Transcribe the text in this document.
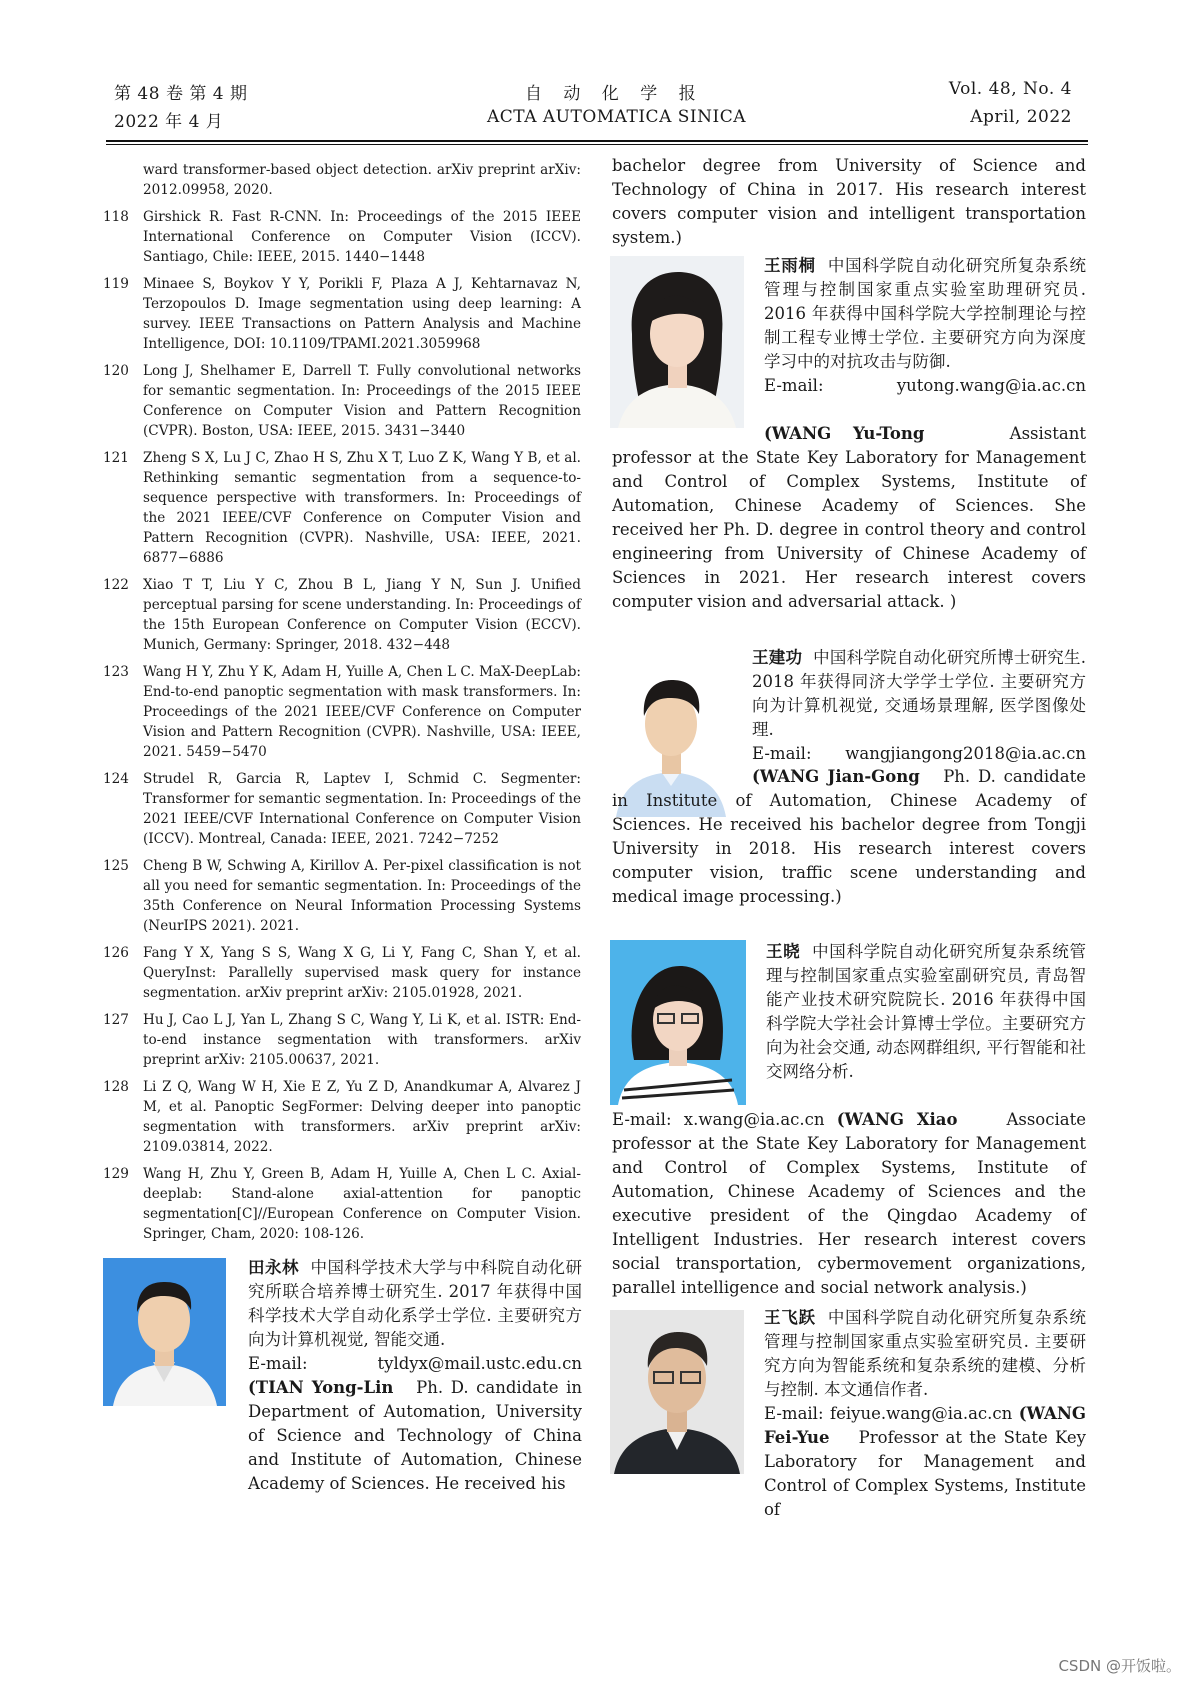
第 48 卷 第 4 期
2022 年 4 月
自 动 化 学 报
ACTA AUTOMATICA SINICA
Vol. 48, No. 4
April, 2022
ward transformer-based object detection. arXiv preprint arXiv: 2012.09958, 2020.
118	Girshick R. Fast R-CNN. In: Proceedings of the 2015 IEEE International Conference on Computer Vision (ICCV). Santiago, Chile: IEEE, 2015. 1440−1448
119	Minaee S, Boykov Y Y, Porikli F, Plaza A J, Kehtarnavaz N, Terzopoulos D. Image segmentation using deep learning: A survey. IEEE Transactions on Pattern Analysis and Machine Intelligence, DOI: 10.1109/TPAMI.2021.3059968
120	Long J, Shelhamer E, Darrell T. Fully convolutional networks for semantic segmentation. In: Proceedings of the 2015 IEEE Conference on Computer Vision and Pattern Recognition (CVPR). Boston, USA: IEEE, 2015. 3431−3440
121	Zheng S X, Lu J C, Zhao H S, Zhu X T, Luo Z K, Wang Y B, et al. Rethinking semantic segmentation from a sequence-to-sequence perspective with transformers. In: Proceedings of the 2021 IEEE/CVF Conference on Computer Vision and Pattern Recognition (CVPR). Nashville, USA: IEEE, 2021. 6877−6886
122	Xiao T T, Liu Y C, Zhou B L, Jiang Y N, Sun J. Unified perceptual parsing for scene understanding. In: Proceedings of the 15th European Conference on Computer Vision (ECCV). Munich, Germany: Springer, 2018. 432−448
123	Wang H Y, Zhu Y K, Adam H, Yuille A, Chen L C. MaX-DeepLab: End-to-end panoptic segmentation with mask transformers. In: Proceedings of the 2021 IEEE/CVF Conference on Computer Vision and Pattern Recognition (CVPR). Nashville, USA: IEEE, 2021. 5459−5470
124	Strudel R, Garcia R, Laptev I, Schmid C. Segmenter: Transformer for semantic segmentation. In: Proceedings of the 2021 IEEE/CVF International Conference on Computer Vision (ICCV). Montreal, Canada: IEEE, 2021. 7242−7252
125	Cheng B W, Schwing A, Kirillov A. Per-pixel classification is not all you need for semantic segmentation. In: Proceedings of the 35th Conference on Neural Information Processing Systems (NeurIPS 2021). 2021.
126	Fang Y X, Yang S S, Wang X G, Li Y, Fang C, Shan Y, et al. QueryInst: Parallelly supervised mask query for instance segmentation. arXiv preprint arXiv: 2105.01928, 2021.
127	Hu J, Cao L J, Yan L, Zhang S C, Wang Y, Li K, et al. ISTR: End-to-end instance segmentation with transformers. arXiv preprint arXiv: 2105.00637, 2021.
128	Li Z Q, Wang W H, Xie E Z, Yu Z D, Anandkumar A, Alvarez J M, et al. Panoptic SegFormer: Delving deeper into panoptic segmentation with transformers. arXiv preprint arXiv: 2109.03814, 2022.
129	Wang H, Zhu Y, Green B, Adam H, Yuille A, Chen L C. Axial-deeplab: Stand-alone axial-attention for panoptic segmentation[C]//European Conference on Computer Vision. Springer, Cham, 2020: 108-126.

田永林 中国科学技术大学与中科院自动化研究所联合培养博士研究生. 2017 年获得中国科学技术大学自动化系学士学位. 主要研究方向为计算机视觉, 智能交通.

E-mail:	tyldyx@mail.ustc.edu.cn

(TIAN Yong-Lin Ph. D. candidate in Department of Automation, University of Science and Technology of China and Institute of Automation, Chinese Academy of Sciences. He received his

bachelor degree from University of Science and Technology of China in 2017. His research interest covers computer vision and intelligent transportation system.)

王雨桐 中国科学院自动化研究所复杂系统管理与控制国家重点实验室助理研究员. 2016 年获得中国科学院大学控制理论与控制工程专业博士学位. 主要研究方向为深度学习中的对抗攻击与防御.

E-mail:	yutong.wang@ia.ac.cn

(WANG Yu-Tong	Assistant professor at the State Key Laboratory for Management and Control of Complex Systems, Institute of Automation, Chinese Academy of Sciences. She received her Ph. D. degree in control theory and control engineering from University of Chinese Academy of Sciences in 2021. Her research interest covers computer vision and adversarial attack. )

王建功 中国科学院自动化研究所博士研究生. 2018 年获得同济大学学士学位. 主要研究方向为计算机视觉, 交通场景理解, 医学图像处理.

E-mail: wangjiangong2018@ia.ac.cn

(WANG Jian-Gong Ph. D. candidate in Institute of Automation, Chinese Academy of Sciences. He received his bachelor degree from Tongji University in 2018. His research interest covers computer vision, traffic scene understanding and medical image processing.)

王晓 中国科学院自动化研究所复杂系统管理与控制国家重点实验室副研究员, 青岛智能产业技术研究院院长. 2016 年获得中国科学院大学社会计算博士学位。主要研究方向为社会交通, 动态网群组织, 平行智能和社交网络分析.

E-mail: x.wang@ia.ac.cn (WANG Xiao	Associate professor at the State Key Laboratory for Management and Control of Complex Systems, Institute of Automation, Chinese Academy of Sciences and the executive president of the Qingdao Academy of Intelligent Industries. Her research interest covers social transportation, cybermovement organizations, parallel intelligence and social network analysis.)

王飞跃 中国科学院自动化研究所复杂系统管理与控制国家重点实验室研究员. 主要研究方向为智能系统和复杂系统的建模、分析与控制. 本文通信作者.

E-mail: feiyue.wang@ia.ac.cn (WANG Fei-Yue Professor at the State Key Laboratory for Management and Control of Complex Systems, Institute of

CSDN @开饭啦。
